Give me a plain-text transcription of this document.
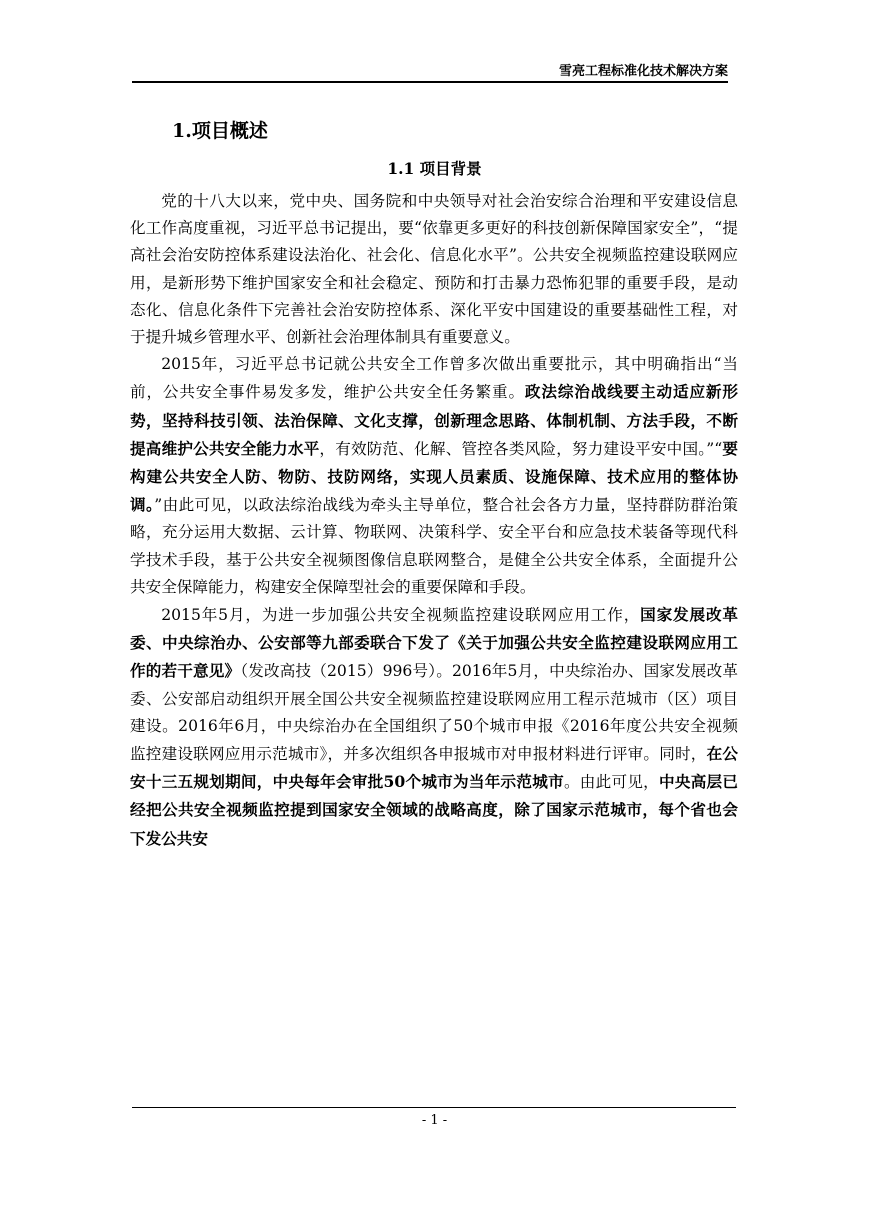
雪亮工程标准化技术解决方案
1.项目概述
1.1 项目背景

党的十八大以来，党中央、国务院和中央领导对社会治安综合治理和平安建设信息化工作高度重视，习近平总书记提出，要“依靠更多更好的科技创新保障国家安全”，“提高社会治安防控体系建设法治化、社会化、信息化水平”。公共安全视频监控建设联网应用，是新形势下维护国家安全和社会稳定、预防和打击暴力恐怖犯罪的重要手段，是动态化、信息化条件下完善社会治安防控体系、深化平安中国建设的重要基础性工程，对于提升城乡管理水平、创新社会治理体制具有重要意义。

2015年，习近平总书记就公共安全工作曾多次做出重要批示，其中明确指出“当前，公共安全事件易发多发，维护公共安全任务繁重。政法综治战线要主动适应新形势，坚持科技引领、法治保障、文化支撑，创新理念思路、体制机制、方法手段，不断提高维护公共安全能力水平，有效防范、化解、管控各类风险，努力建设平安中国。”“要构建公共安全人防、物防、技防网络，实现人员素质、设施保障、技术应用的整体协调。”由此可见，以政法综治战线为牵头主导单位，整合社会各方力量，坚持群防群治策略，充分运用大数据、云计算、物联网、决策科学、安全平台和应急技术装备等现代科学技术手段，基于公共安全视频图像信息联网整合，是健全公共安全体系，全面提升公共安全保障能力，构建安全保障型社会的重要保障和手段。

2015年5月，为进一步加强公共安全视频监控建设联网应用工作，国家发展改革委、中央综治办、公安部等九部委联合下发了《关于加强公共安全监控建设联网应用工作的若干意见》（发改高技（2015）996号）。2016年5月，中央综治办、国家发展改革委、公安部启动组织开展全国公共安全视频监控建设联网应用工程示范城市（区）项目建设。2016年6月，中央综治办在全国组织了50个城市申报《2016年度公共安全视频监控建设联网应用示范城市》，并多次组织各申报城市对申报材料进行评审。同时，在公安十三五规划期间，中央每年会审批50个城市为当年示范城市。由此可见，中央高层已经把公共安全视频监控提到国家安全领域的战略高度，除了国家示范城市，每个省也会下发公共安

- 1 -
